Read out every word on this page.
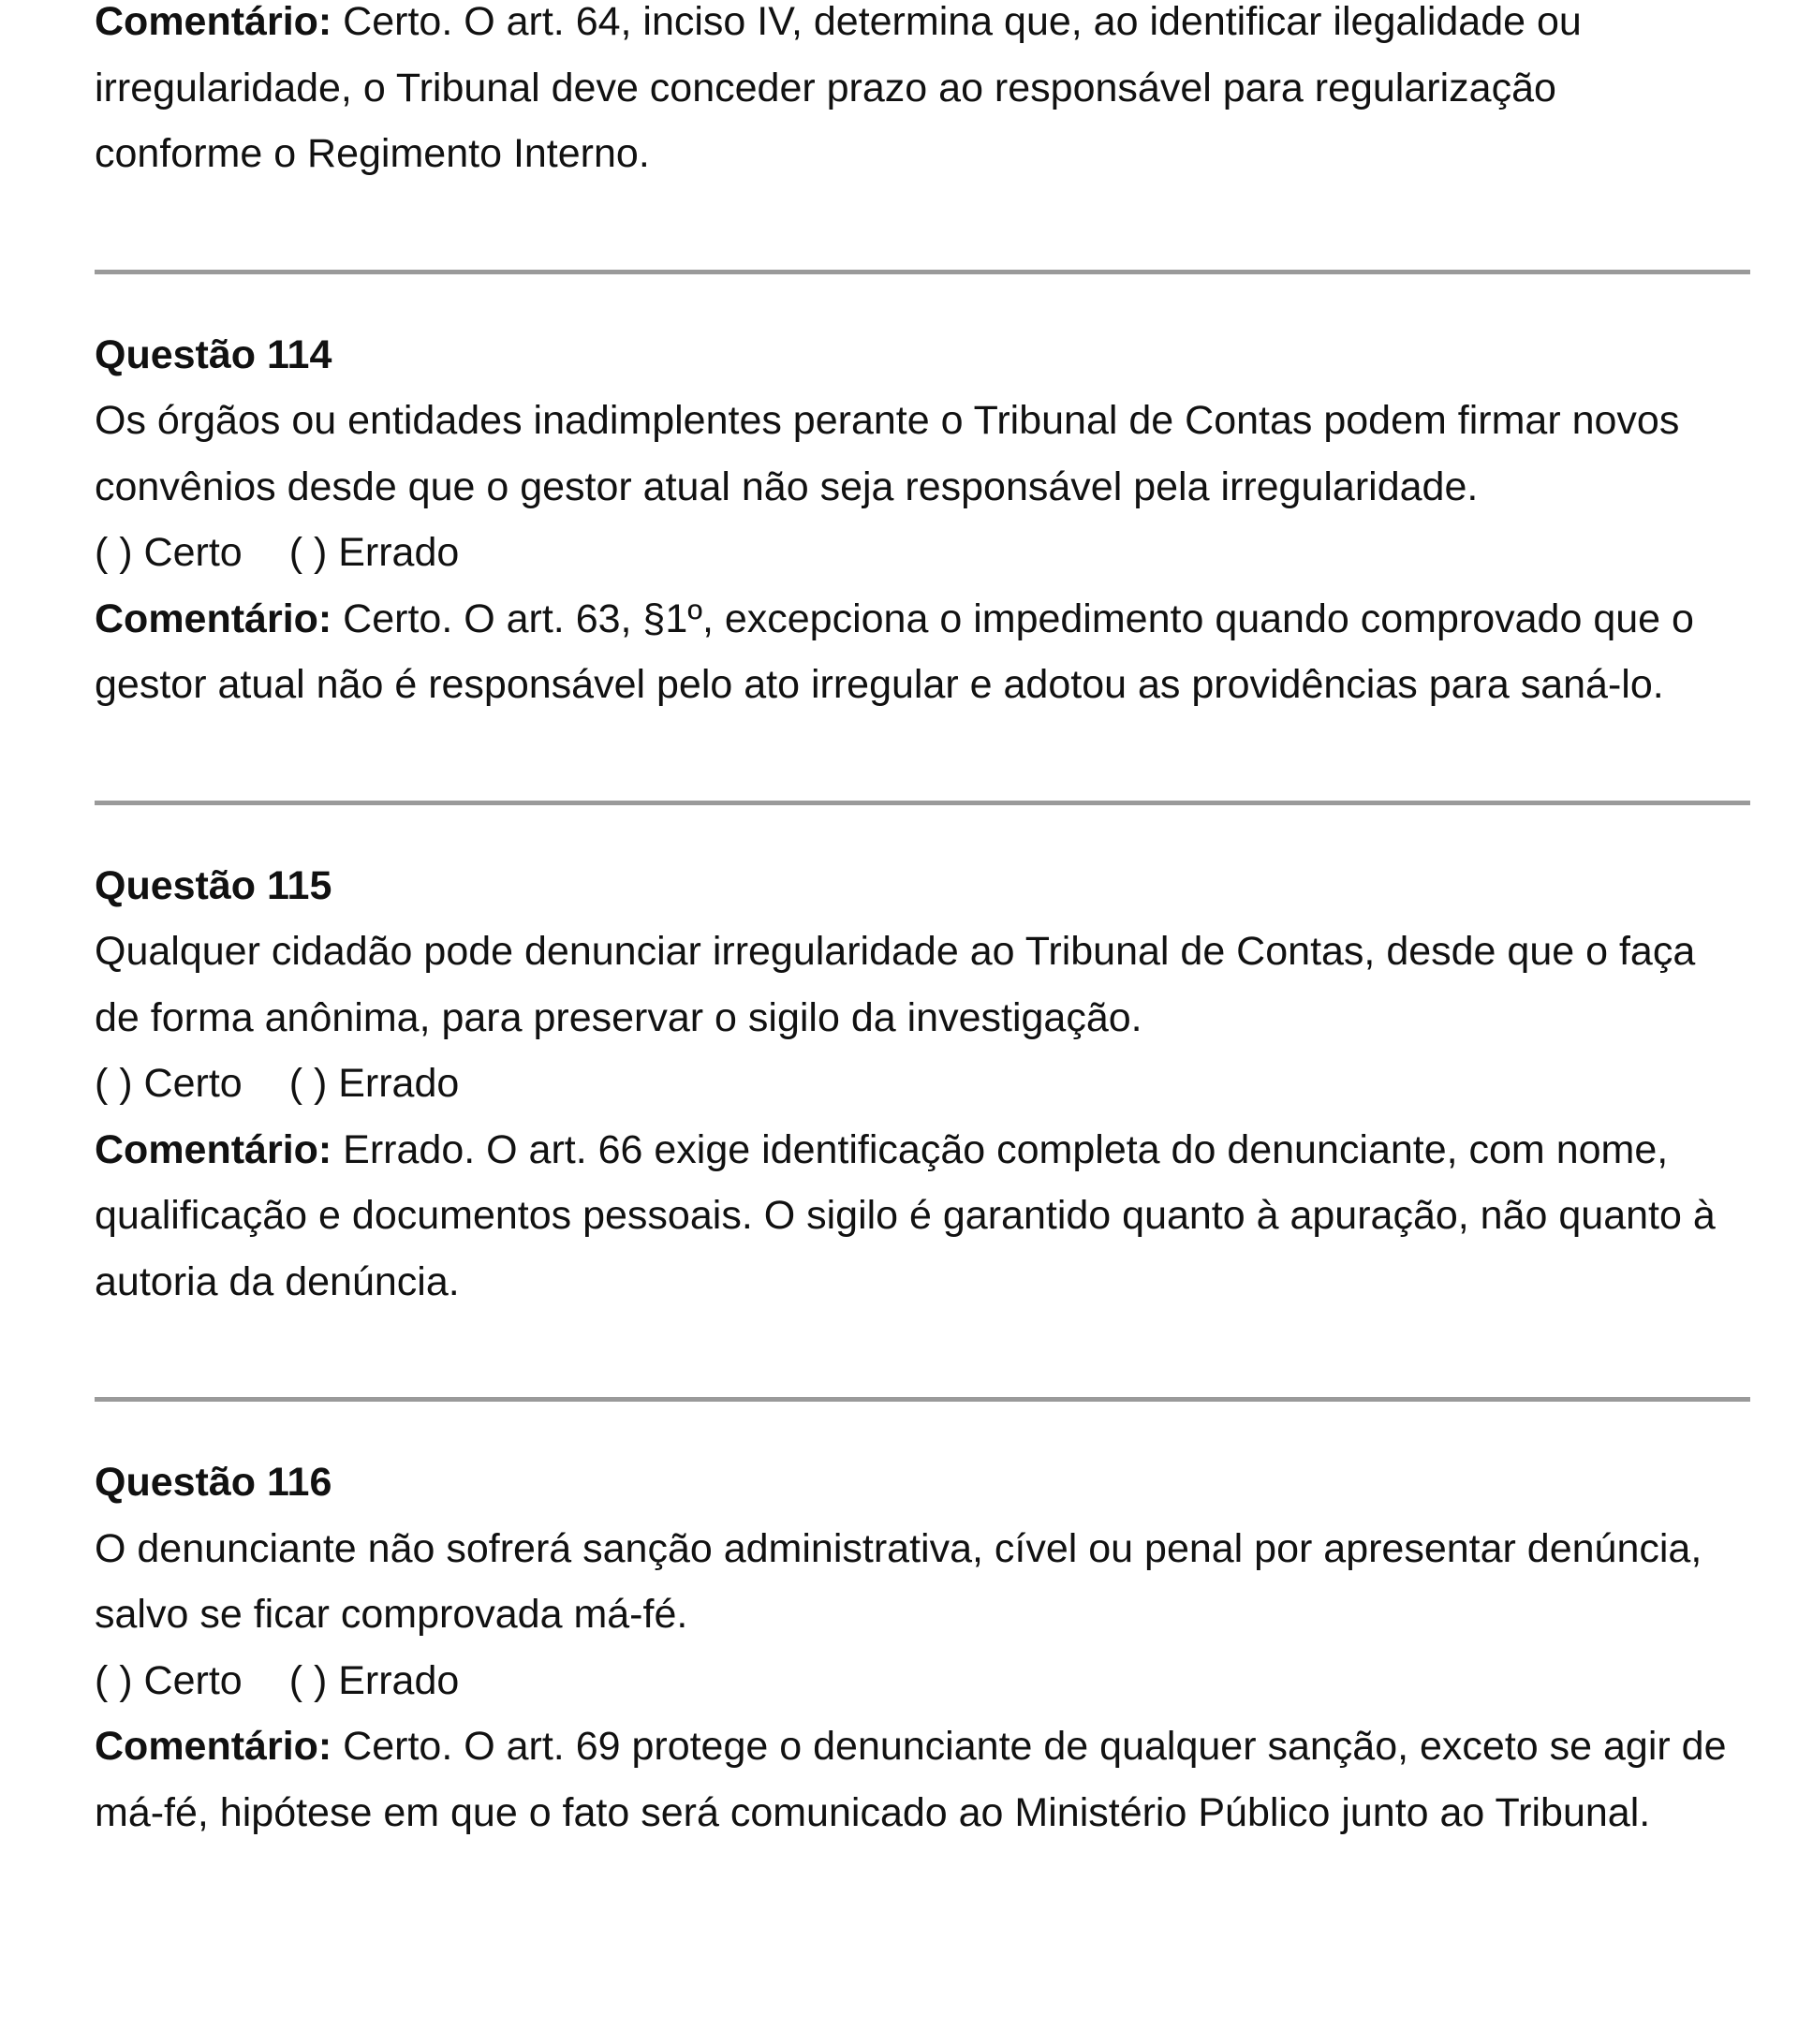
Comentário: Certo. O art. 64, inciso IV, determina que, ao identificar ilegalidade ou irregularidade, o Tribunal deve conceder prazo ao responsável para regularização conforme o Regimento Interno.

Questão 114

Os órgãos ou entidades inadimplentes perante o Tribunal de Contas podem firmar novos convênios desde que o gestor atual não seja responsável pela irregularidade.

( ) Certo ( ) Errado

Comentário: Certo. O art. 63, §1º, excepciona o impedimento quando comprovado que o gestor atual não é responsável pelo ato irregular e adotou as providências para saná-lo.

Questão 115

Qualquer cidadão pode denunciar irregularidade ao Tribunal de Contas, desde que o faça de forma anônima, para preservar o sigilo da investigação.

( ) Certo ( ) Errado

Comentário: Errado. O art. 66 exige identificação completa do denunciante, com nome, qualificação e documentos pessoais. O sigilo é garantido quanto à apuração, não quanto à autoria da denúncia.

Questão 116

O denunciante não sofrerá sanção administrativa, cível ou penal por apresentar denúncia, salvo se ficar comprovada má-fé.

( ) Certo ( ) Errado

Comentário: Certo. O art. 69 protege o denunciante de qualquer sanção, exceto se agir de má-fé, hipótese em que o fato será comunicado ao Ministério Público junto ao Tribunal.
